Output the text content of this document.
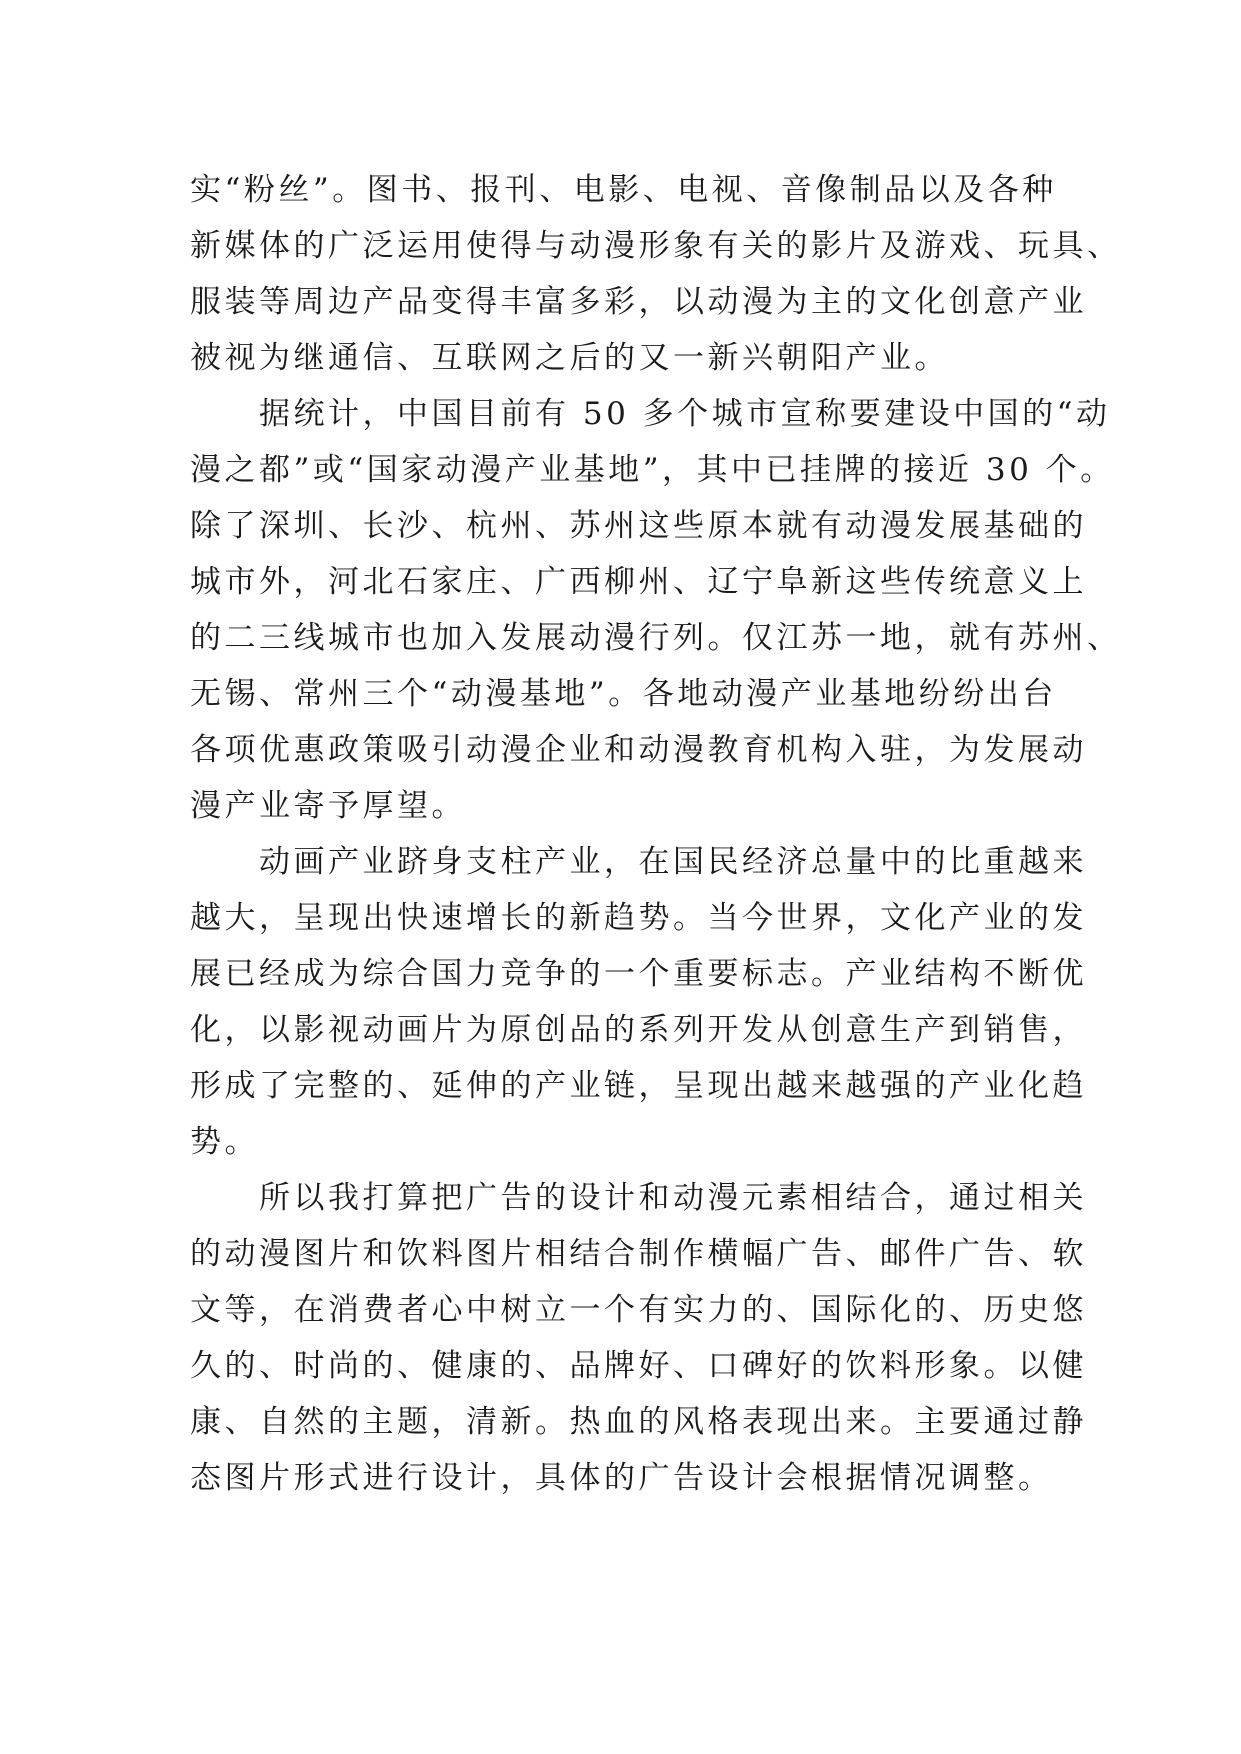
实“粉丝”。图书、报刊、电影、电视、音像制品以及各种
新媒体的广泛运用使得与动漫形象有关的影片及游戏、玩具、
服装等周边产品变得丰富多彩，以动漫为主的文化创意产业
被视为继通信、互联网之后的又一新兴朝阳产业。
　　据统计，中国目前有 50 多个城市宣称要建设中国的“动
漫之都”或“国家动漫产业基地”，其中已挂牌的接近 30 个。
除了深圳、长沙、杭州、苏州这些原本就有动漫发展基础的
城市外，河北石家庄、广西柳州、辽宁阜新这些传统意义上
的二三线城市也加入发展动漫行列。仅江苏一地，就有苏州、
无锡、常州三个“动漫基地”。各地动漫产业基地纷纷出台
各项优惠政策吸引动漫企业和动漫教育机构入驻，为发展动
漫产业寄予厚望。
　　动画产业跻身支柱产业，在国民经济总量中的比重越来
越大，呈现出快速增长的新趋势。当今世界，文化产业的发
展已经成为综合国力竞争的一个重要标志。产业结构不断优
化，以影视动画片为原创品的系列开发从创意生产到销售，
形成了完整的、延伸的产业链，呈现出越来越强的产业化趋
势。
　　所以我打算把广告的设计和动漫元素相结合，通过相关
的动漫图片和饮料图片相结合制作横幅广告、邮件广告、软
文等，在消费者心中树立一个有实力的、国际化的、历史悠
久的、时尚的、健康的、品牌好、口碑好的饮料形象。以健
康、自然的主题，清新。热血的风格表现出来。主要通过静
态图片形式进行设计，具体的广告设计会根据情况调整。
